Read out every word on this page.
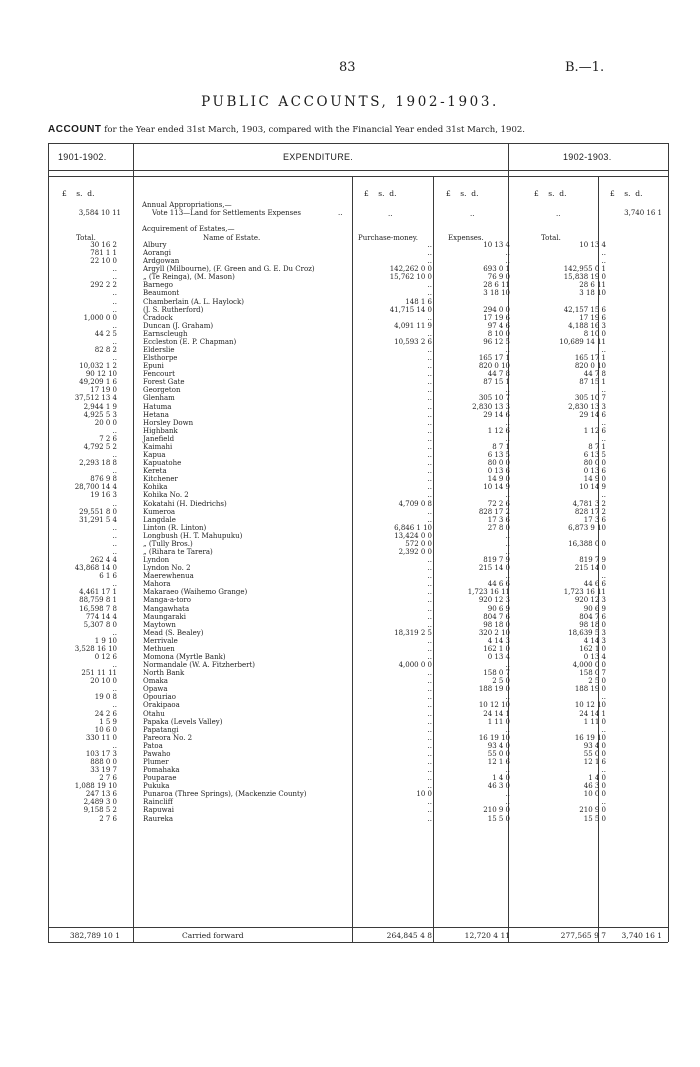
83	B.—1.
PUBLIC ACCOUNTS, 1902-1903.
ACCOUNT for the Year ended 31st March, 1903, compared with the Financial Year ended 31st March, 1902.
1901-1902.	EXPENDITURE.	1902-1903.
£    s.  d.	£    s.  d.	£    s.  d.	£    s.  d.	£    s.  d.
Annual Appropriations,—
3,584 10 11	Vote 113—Land for Settlements Expenses	..	..	..	..	3,740 16 1
Acquirement of Estates,—
Total.	Name of Estate.	Purchase-money.	Expenses.	Total.
30 16 2	Albury	..	10 13 4	10 13 4
781 1 1	Aorangi	..	..	..
22 10 0	Ardgowan	..	..	..
..	Argyll (Milbourne), (F. Green and G. E. Du Croz)	142,262 0 0	693 0 1	142,955 0 1
..	„ (Te Reinga), (M. Mason)	15,762 10 0	76 9 0	15,838 19 0
292 2 2	Barnego	..	28 6 11	28 6 11
..	Beaumont	..	3 18 10	3 18 10
..	Chamberlain (A. L. Haylock)	148 1 6
..	(J. S. Rutherford)	41,715 14 0	294 0 0	42,157 15 6
1,000 0 0	Cradock	..	17 19 6	17 19 6
..	Duncan (J. Graham)	4,091 11 9	97 4 6	4,188 16 3
44 2 5	Earnscleugh	..	8 10 0	8 10 0
..	Eccleston (E. P. Chapman)	10,593 2 6	96 12 5	10,689 14 11
82 8 2	Elderslie	..	..	..
..	Elsthorpe	..	165 17 1	165 17 1
10,032 1 2	Epuni	..	820 0 10	820 0 10
90 12 10	Fencourt	..	44 7 8	44 7 8
49,209 1 6	Forest Gate	..	87 15 1	87 15 1
17 19 0	Georgeton	..	..	..
37,512 13 4	Glenham	..	305 10 7	305 10 7
2,944 1 9	Hatuma	..	2,830 13 3	2,830 13 3
4,925 5 3	Hetana	..	29 14 6	29 14 6
20 0 0	Horsley Down	..	..	..
..	Highbank	..	1 12 6	1 12 6
7 2 6	Janefield	..	..	..
4,792 5 2	Kaimahi	..	8 7 1	8 7 1
..	Kapua	..	6 13 5	6 13 5
2,293 18 8	Kapuatohe	..	80 0 0	80 0 0
..	Kereta	..	0 13 6	0 13 6
876 9 8	Kitchener	..	14 9 0	14 9 0
28,700 14 4	Kohika	..	10 14 9	10 14 9
19 16 3	Kohika No. 2	..	..	..
..	Kokatahi (H. Diedrichs)	4,709 0 8	72 2 6	4,781 3 2
29,551 8 0	Kumeroa	..	828 17 2	828 17 2
31,291 5 4	Langdale	..	17 3 6	17 3 6
..	Linton (R. Linton)	6,846 1 10	27 8 0	6,873 9 10
..	Longbush (H. T. Mahupuku)	13,424 0 0	..
..	„ (Tully Bros.)	572 0 0	..	16,388 0 0
..	„ (Rihara te Tarera)	2,392 0 0	..
262 4 4	Lyndon	..	819 7 9	819 7 9
43,868 14 0	Lyndon No. 2	..	215 14 0	215 14 0
6 1 6	Maerewhenua	..	..	..
..	Mahora	..	44 6 6	44 6 6
4,461 17 1	Makaraeo (Waihemo Grange)	..	1,723 16 11	1,723 16 11
88,759 8 1	Manga-a-toro	..	920 12 3	920 12 3
16,598 7 8	Mangawhata	..	90 6 9	90 6 9
774 14 4	Maungaraki	..	804 7 6	804 7 6
5,307 8 0	Maytown	..	98 18 0	98 18 0
..	Mead (S. Bealey)	18,319 2 5	320 2 10	18,639 5 3
1 9 10	Merrivale	..	4 14 3	4 14 3
3,528 16 10	Methuen	..	162 1 0	162 1 0
0 12 6	Momona (Myrtle Bank)	..	0 13 4	0 13 4
..	Normandale (W. A. Fitzherbert)	4,000 0 0	..	4,000 0 0
251 11 11	North Bank	..	158 0 7	158 0 7
20 10 0	Omaka	..	2 5 0	2 5 0
..	Opawa	..	188 19 0	188 19 0
19 0 8	Opouriao	..	..	..
..	Orakipaoa	..	10 12 10	10 12 10
24 2 6	Otahu	..	24 14 1	24 14 1
1 5 9	Papaka (Levels Valley)	..	1 11 0	1 11 0
10 6 0	Papatangi	..	..	..
330 11 0	Pareora No. 2	..	16 19 10	16 19 10
..	Patoa	..	93 4 0	93 4 0
103 17 3	Pawaho	..	55 0 0	55 0 0
888 0 0	Plumer	..	12 1 6	12 1 6
33 19 7	Pomahaka	..	..	..
2 7 6	Pouparae	..	1 4 0	1 4 0
1,088 19 10	Pukuka	..	46 3 0	46 3 0
247 13 6	Punaroa (Three Springs), (Mackenzie County)	10 0	..	10 0 0
2,489 3 0	Raincliff	..	..	..
9,158 5 2	Rapuwai	..	210 9 0	210 9 0
2 7 6	Raureka	..	15 5 0	15 5 0
382,789 10 1	Carried forward	264,845 4 8	12,720 4 11	277,565 9 7	3,740 16 1
